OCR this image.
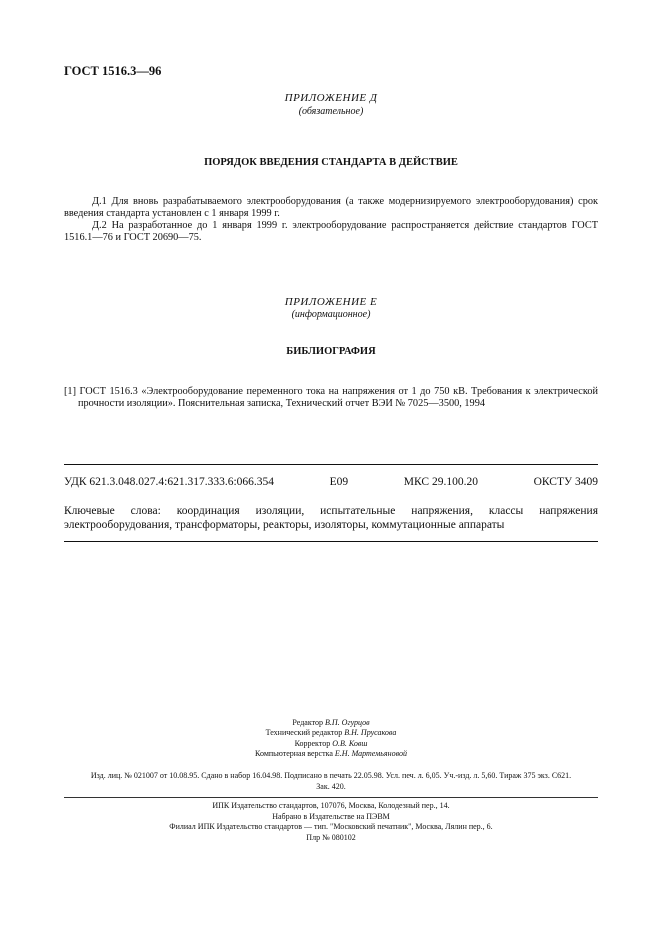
ГОСТ 1516.3—96
ПРИЛОЖЕНИЕ Д
(обязательное)
ПОРЯДОК ВВЕДЕНИЯ СТАНДАРТА В ДЕЙСТВИЕ
Д.1 Для вновь разрабатываемого электрооборудования (а также модернизируемого электрооборудования) срок введения стандарта установлен с 1 января 1999 г.
Д.2 На разработанное до 1 января 1999 г. электрооборудование распространяется действие стандартов ГОСТ 1516.1—76 и ГОСТ 20690—75.
ПРИЛОЖЕНИЕ Е
(информационное)
БИБЛИОГРАФИЯ
[1] ГОСТ 1516.3 «Электрооборудование переменного тока на напряжения от 1 до 750 кВ. Требования к электрической прочности изоляции». Пояснительная записка, Технический отчет ВЭИ № 7025—3500, 1994
УДК 621.3.048.027.4:621.317.333.6:066.354	Е09	МКС 29.100.20	ОКСТУ 3409
Ключевые слова: координация изоляции, испытательные напряжения, классы напряжения электрооборудования, трансформаторы, реакторы, изоляторы, коммутационные аппараты
Редактор В.П. Огурцов
Технический редактор В.Н. Прусакова
Корректор О.В. Ковш
Компьютерная верстка Е.Н. Мартемьяновой
Изд. лиц. № 021007 от 10.08.95. Сдано в набор 16.04.98. Подписано в печать 22.05.98. Усл. печ. л. 6,05. Уч.-изд. л. 5,60. Тираж 375 экз. С621.
Зак. 420.
ИПК Издательство стандартов, 107076, Москва, Колодезный пер., 14.
Набрано в Издательстве на ПЭВМ
Филиал ИПК Издательство стандартов — тип. "Московский печатник", Москва, Лялин пер., 6.
Плр № 080102
